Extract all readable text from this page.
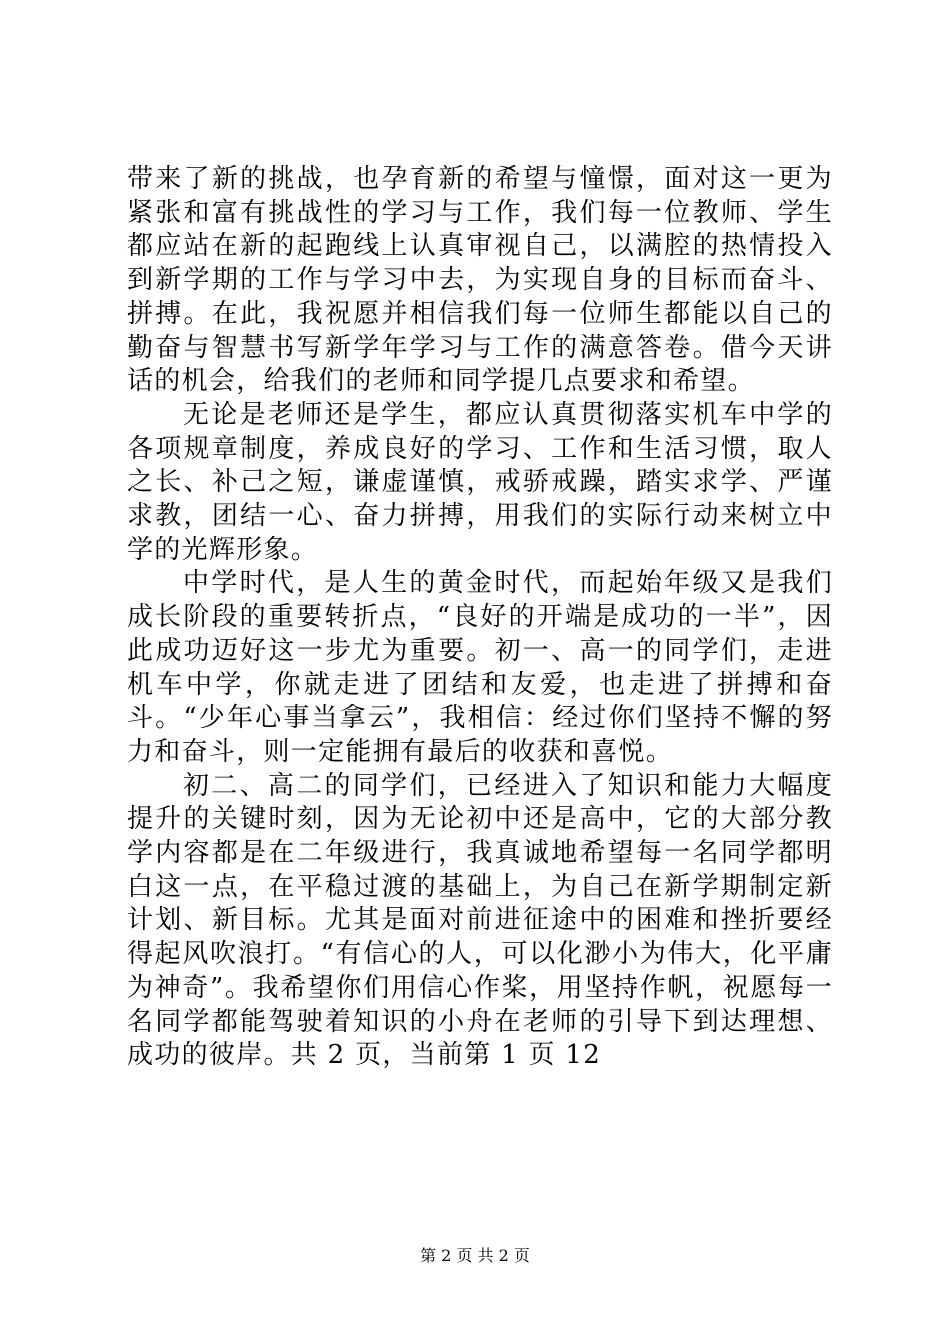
带来了新的挑战，也孕育新的希望与憧憬，面对这一更为紧张和富有挑战性的学习与工作，我们每一位教师、学生都应站在新的起跑线上认真审视自己，以满腔的热情投入到新学期的工作与学习中去，为实现自身的目标而奋斗、拼搏。在此，我祝愿并相信我们每一位师生都能以自己的勤奋与智慧书写新学年学习与工作的满意答卷。借今天讲话的机会，给我们的老师和同学提几点要求和希望。

无论是老师还是学生，都应认真贯彻落实机车中学的各项规章制度，养成良好的学习、工作和生活习惯，取人之长、补己之短，谦虚谨慎，戒骄戒躁，踏实求学、严谨求教，团结一心、奋力拼搏，用我们的实际行动来树立中学的光辉形象。

中学时代，是人生的黄金时代，而起始年级又是我们成长阶段的重要转折点，“良好的开端是成功的一半”，因此成功迈好这一步尤为重要。初一、高一的同学们，走进机车中学，你就走进了团结和友爱，也走进了拼搏和奋斗。“少年心事当拿云”，我相信：经过你们坚持不懈的努力和奋斗，则一定能拥有最后的收获和喜悦。

初二、高二的同学们，已经进入了知识和能力大幅度提升的关键时刻，因为无论初中还是高中，它的大部分教学内容都是在二年级进行，我真诚地希望每一名同学都明白这一点，在平稳过渡的基础上，为自己在新学期制定新计划、新目标。尤其是面对前进征途中的困难和挫折要经得起风吹浪打。“有信心的人，可以化渺小为伟大，化平庸为神奇”。我希望你们用信心作桨，用坚持作帆，祝愿每一名同学都能驾驶着知识的小舟在老师的引导下到达理想、成功的彼岸。共 2 页，当前第 1 页 12

第 2 页 共 2 页
